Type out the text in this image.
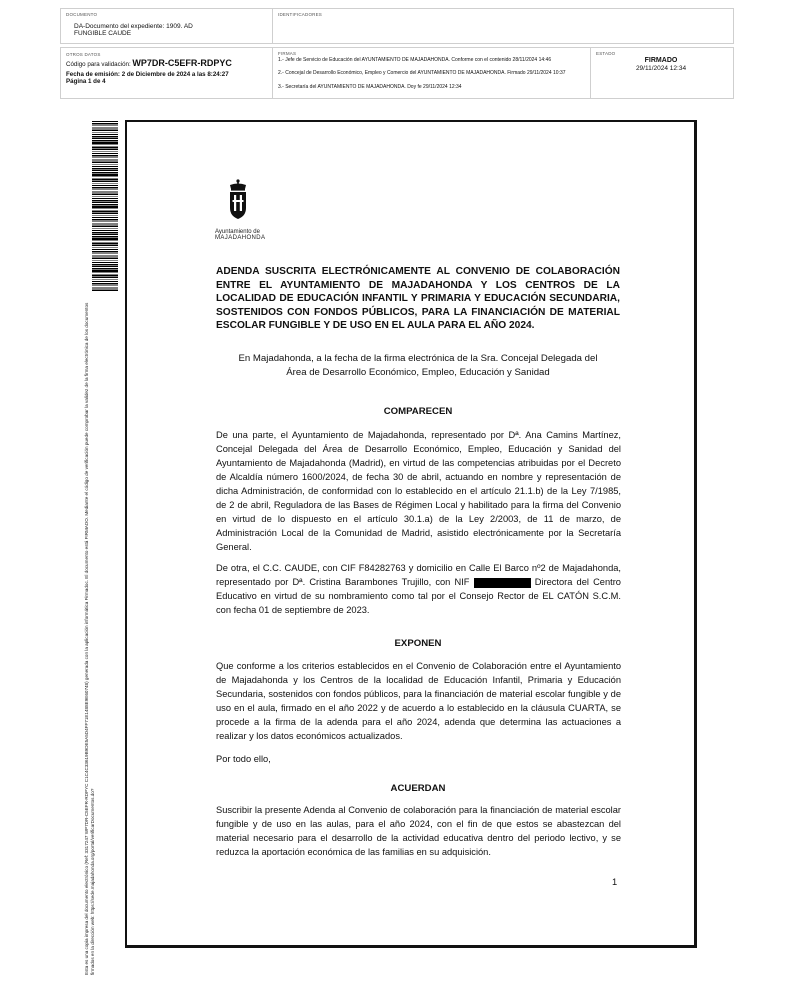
DOCUMENTO
DA-Documento del expediente: 1909. AD FUNGIBLE CAUDE
IDENTIFICADORES
OTROS DATOS
Código para validación: WP7DR-C5EFR-RDPYC
Fecha de emisión: 2 de Diciembre de 2024 a las 8:24:27
Página 1 de 4
FIRMAS
1.- Jefe de Servicio de Educación del AYUNTAMIENTO DE MAJADAHONDA. Conforme con el contenido 28/11/2024 14:46
2.- Concejal de Desarrollo Económico, Empleo y Comercio del AYUNTAMIENTO DE MAJADAHONDA. Firmado 29/11/2024 10:37
3.- Secretaría del AYUNTAMIENTO DE MAJADAHONDA. Doy fe 29/11/2024 12:34
ESTADO
FIRMADO
29/11/2024 12:34
Esta es una copia impresa del documento electrónico (Ref: 3317247 WP7DR-C5EFR-RDPYC C1C4C33619B9DE5A5D4FF71E1488E9E60748) generada con la aplicación informática Firmadoc. El documento está FIRMADO. Mediante el código de verificación puede comprobar la validez de la firma electrónica de los documentos firmados en la dirección web: https://sede.majadahonda.org/portal/verificarDocumentos.do?
Ayuntamiento de
MAJADAHONDA
ADENDA SUSCRITA ELECTRÓNICAMENTE AL CONVENIO DE COLABORACIÓN ENTRE EL AYUNTAMIENTO DE MAJADAHONDA Y LOS CENTROS DE LA LOCALIDAD DE EDUCACIÓN INFANTIL Y PRIMARIA Y EDUCACIÓN SECUNDARIA, SOSTENIDOS CON FONDOS PÚBLICOS, PARA LA FINANCIACIÓN DE MATERIAL ESCOLAR FUNGIBLE Y DE USO EN EL AULA PARA EL AÑO 2024.
En Majadahonda, a la fecha de la firma electrónica de la Sra. Concejal Delegada del Área de Desarrollo Económico, Empleo, Educación y Sanidad
COMPARECEN
De una parte, el Ayuntamiento de Majadahonda, representado por Dª. Ana Camins Martínez, Concejal Delegada del Área de Desarrollo Económico, Empleo, Educación y Sanidad del Ayuntamiento de Majadahonda (Madrid), en virtud de las competencias atribuidas por el Decreto de Alcaldía número 1600/2024, de fecha 30 de abril, actuando en nombre y representación de dicha Administración, de conformidad con lo establecido en el artículo 21.1.b) de la Ley 7/1985, de 2 de abril, Reguladora de las Bases de Régimen Local y habilitado para la firma del Convenio en virtud de lo dispuesto en el artículo 30.1.a) de la Ley 2/2003, de 11 de marzo, de Administración Local de la Comunidad de Madrid, asistido electrónicamente por la Secretaría General.
De otra, el C.C. CAUDE, con CIF F84282763 y domicilio en Calle El Barco nº2 de Majadahonda, representado por Dª. Cristina Barambones Trujillo, con NIF	Directora del Centro Educativo en virtud de su nombramiento como tal por el Consejo Rector de EL CATÓN S.C.M. con fecha 01 de septiembre de 2023.
EXPONEN
Que conforme a los criterios establecidos en el Convenio de Colaboración entre el Ayuntamiento de Majadahonda y los Centros de la localidad de Educación Infantil, Primaria y Educación Secundaria, sostenidos con fondos públicos, para la financiación de material escolar fungible y de uso en el aula, firmado en el año 2022 y de acuerdo a lo establecido en la cláusula CUARTA, se procede a la firma de la adenda para el año 2024, adenda que determina las actuaciones a realizar y los datos económicos actualizados.
Por todo ello,
ACUERDAN
Suscribir la presente Adenda al Convenio de colaboración para la financiación de material escolar fungible y de uso en las aulas, para el año 2024, con el fin de que estos se abastezcan del material necesario para el desarrollo de la actividad educativa dentro del periodo lectivo, y se reduzca la aportación económica de las familias en su adquisición.
1
